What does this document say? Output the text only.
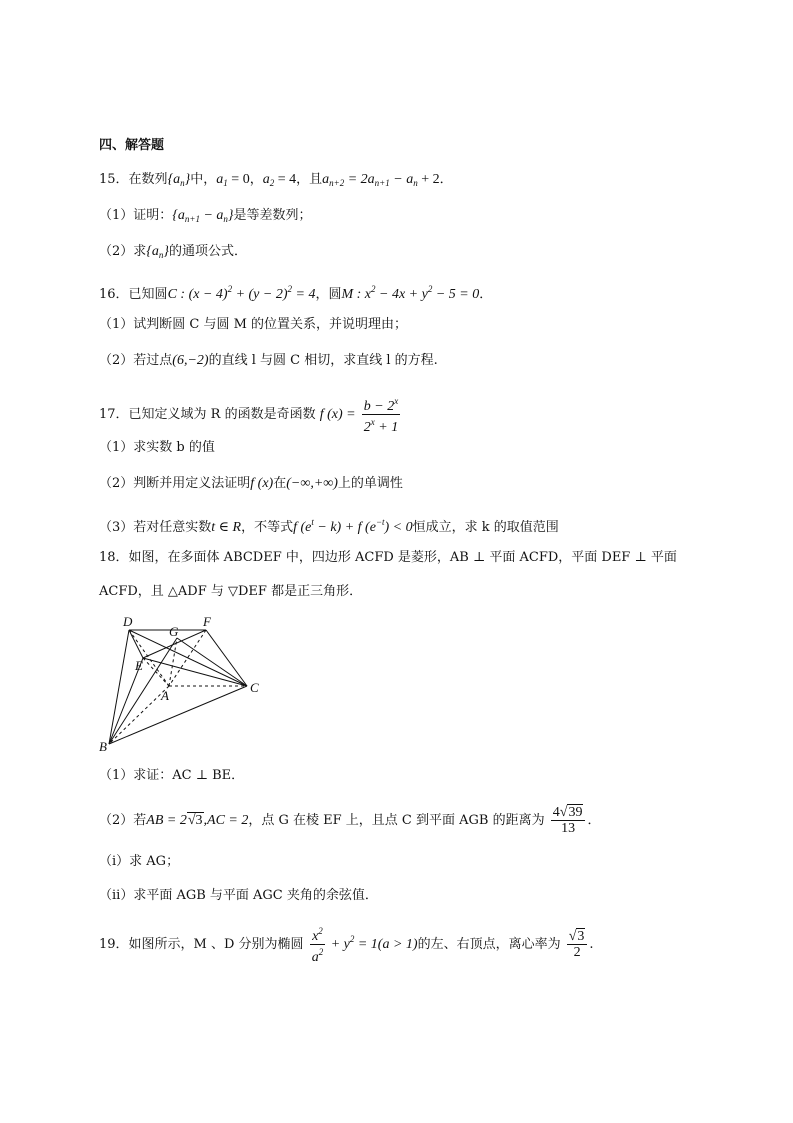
四、解答题
15．在数列$\{a_n\}$中，$a_1 = 0$，$a_2 = 4$，且$a_{n+2} = 2a_{n+1} - a_n + 2$．
（1）证明：$\{a_{n+1} - a_n\}$是等差数列；
（2）求$\{a_n\}$的通项公式．
16．已知圆C : $(x - 4)^2 + (y - 2)^2 = 4$，圆M : $x^2 - 4x + y^2 - 5 = 0$．
（1）试判断圆 C 与圆 M 的位置关系，并说明理由；
（2）若过点(6,−2)的直线 l 与圆 C 相切，求直线 l 的方程.
17．已知定义域为 R 的函数是奇函数 f $(x) = \frac{b - 2^x}{2^x + 1}$
（1）求实数 b 的值
（2）判断并用定义法证明f (x)在(−∞,+∞)上的单调性
（3）若对任意实数t ∈ R，不等式f $(e^t - k) + f$ $(e^{-t}) < 0$恒成立，求 k 的取值范围
18．如图，在多面体 ABCDEF 中，四边形 ACFD 是菱形，AB ⊥ 平面 ACFD，平面 DEF ⊥ 平面
ACFD，且 △ADF 与 ▽DEF 都是正三角形．
D
G
F
E
A
C
B
（1）求证：AC ⊥ BE．
（2）若AB = 2√3,AC = 2，点 G 在棱 EF 上，且点 C 到平面 AGB 的距离为 $\frac{4√39}{13}$ ．
（i）求 AG；
（ii）求平面 AGB 与平面 AGC 夹角的余弦值．
19．如图所示，M 、D 分别为椭圆 $\frac{x^2}{a^2} + y^2 = 1(a > 1)$的左、右顶点，离心率为 $\frac{√3}{2}$ .
